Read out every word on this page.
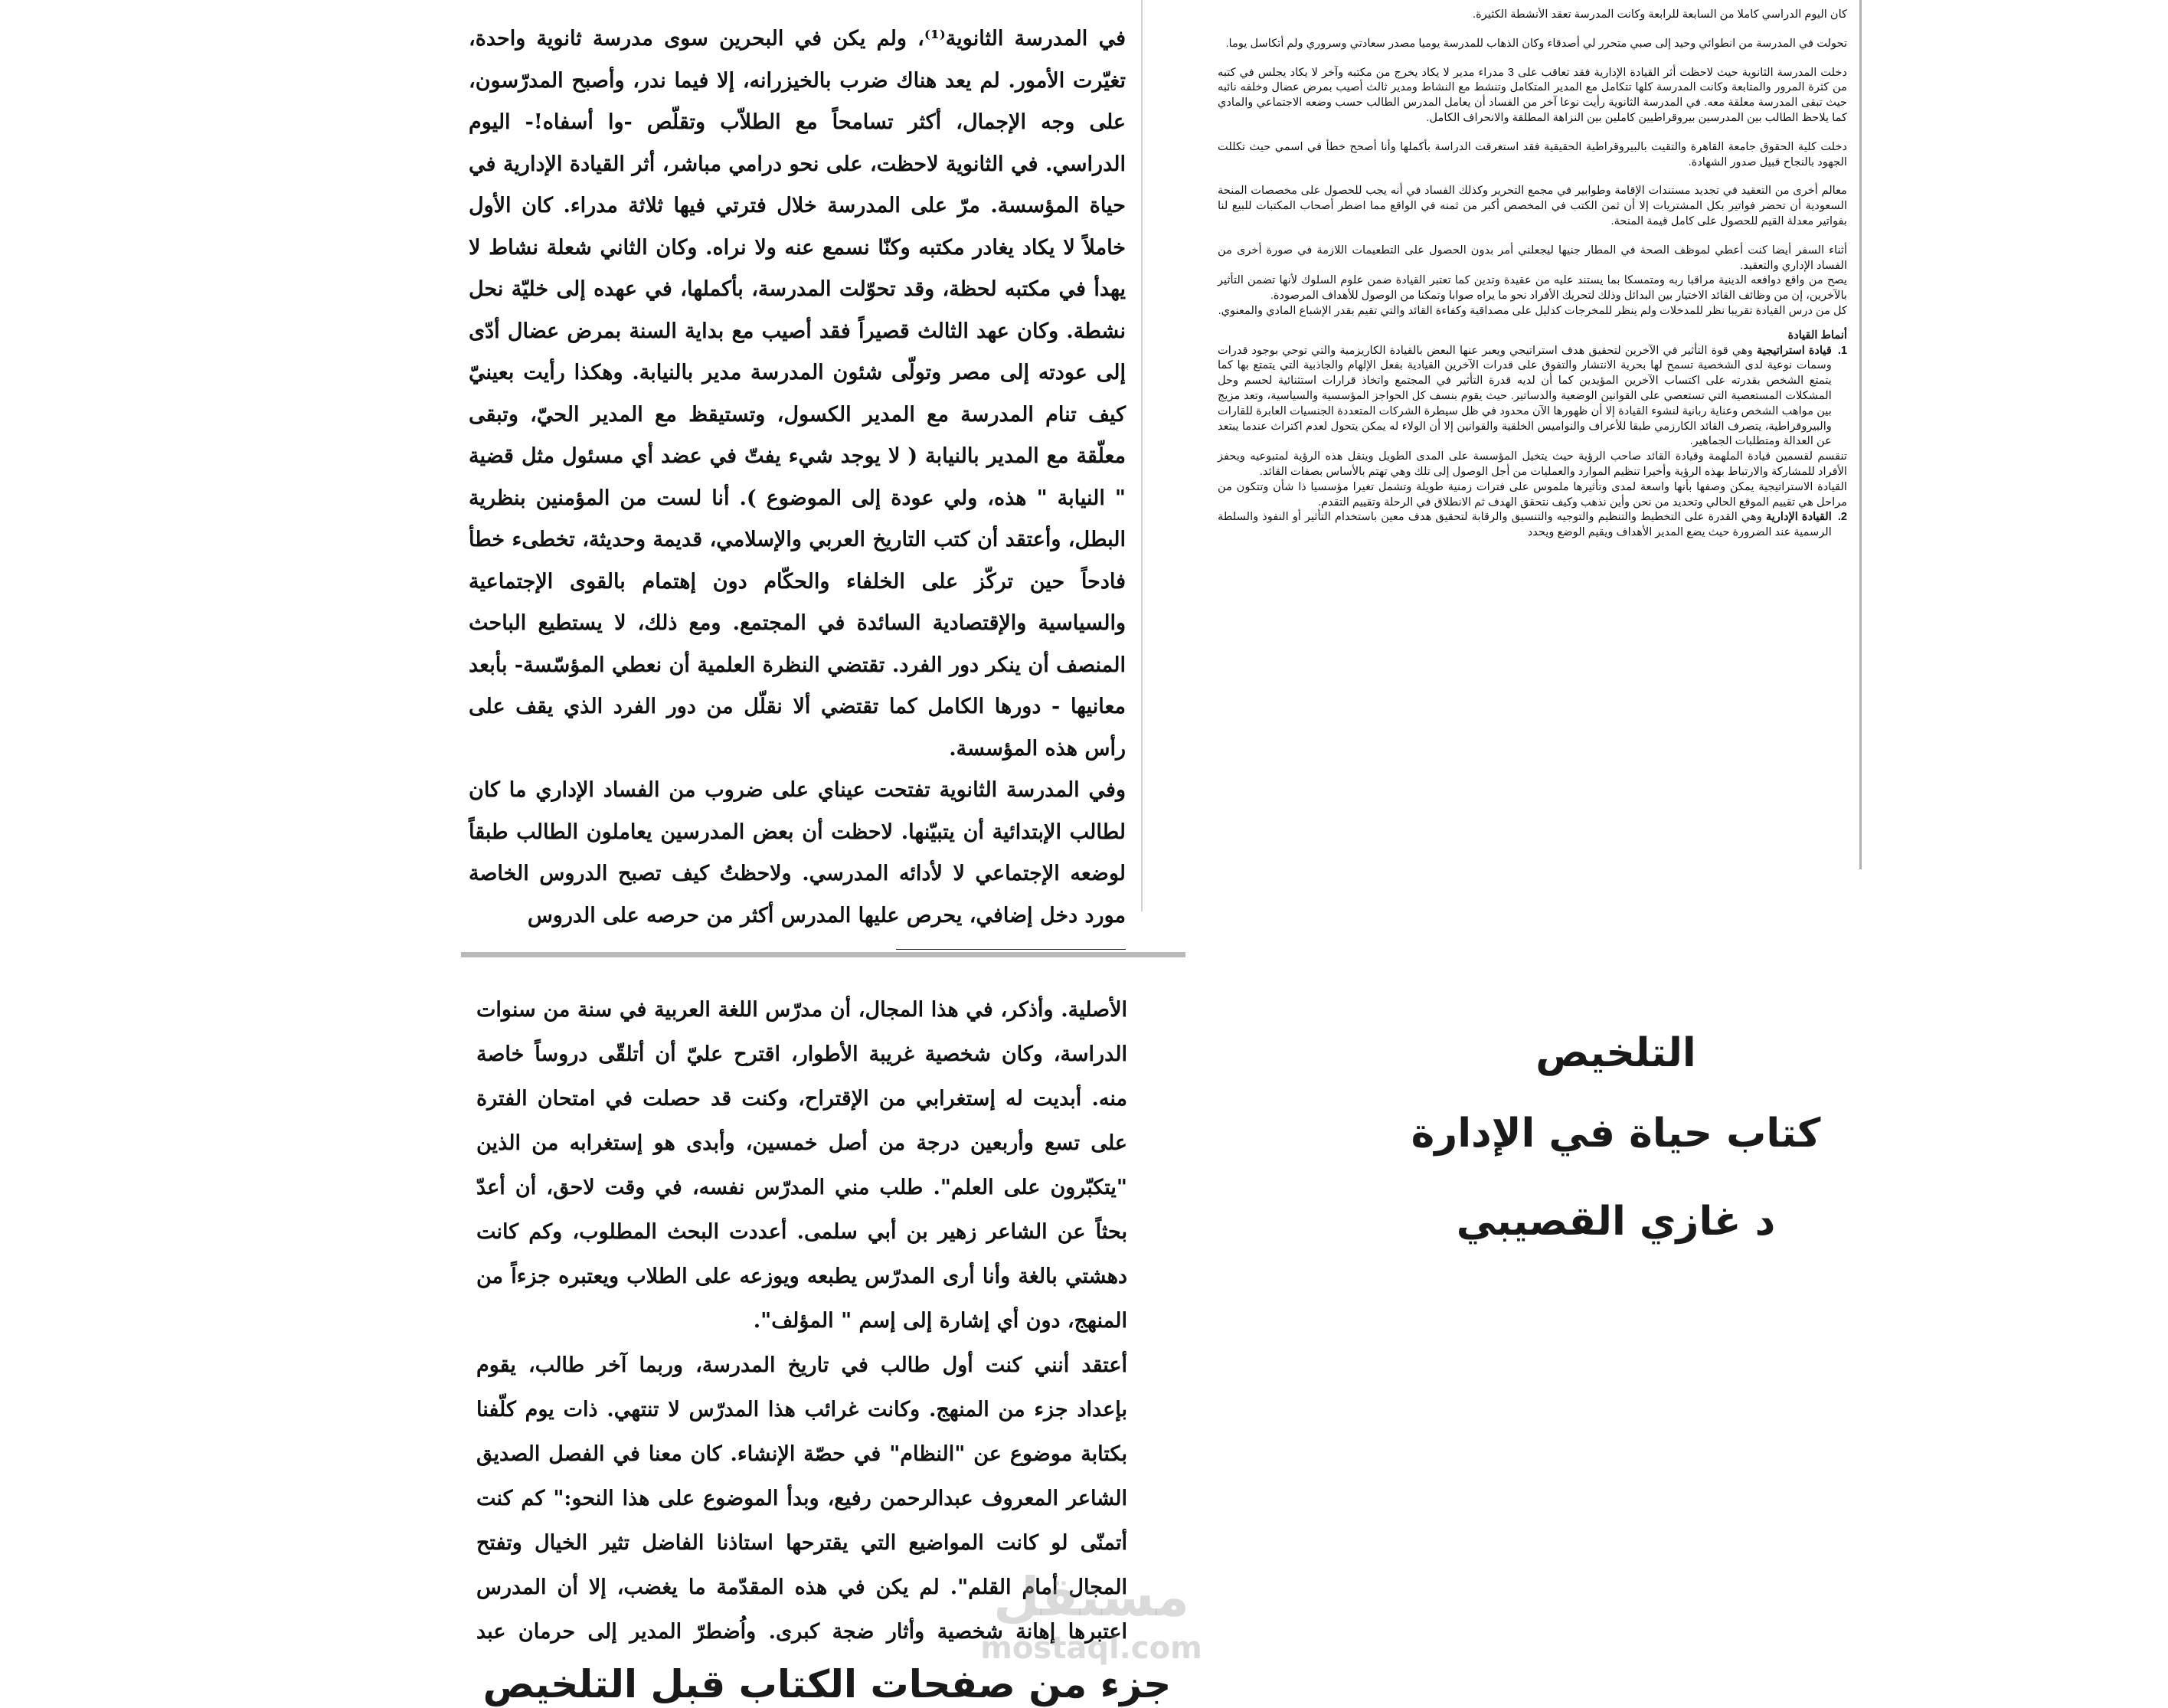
في المدرسة الثانوية⁽¹⁾، ولم يكن في البحرين سوى مدرسة ثانوية واحدة، تغيّرت الأمور. لم يعد هناك ضرب بالخيزرانه، إلا فيما ندر، وأصبح المدرّسون، على وجه الإجمال، أكثر تسامحاً مع الطلاّب وتقلّص -وا أسفاه!- اليوم الدراسي. في الثانوية لاحظت، على نحو درامي مباشر، أثر القيادة الإدارية في حياة المؤسسة. مرّ على المدرسة خلال فترتي فيها ثلاثة مدراء. كان الأول خاملاً لا يكاد يغادر مكتبه وكنّا نسمع عنه ولا نراه. وكان الثاني شعلة نشاط لا يهدأ في مكتبه لحظة، وقد تحوّلت المدرسة، بأكملها، في عهده إلى خليّة نحل نشطة. وكان عهد الثالث قصيراً فقد أصيب مع بداية السنة بمرض عضال أدّى إلى عودته إلى مصر وتولّى شئون المدرسة مدير بالنيابة. وهكذا رأيت بعينيّ كيف تنام المدرسة مع المدير الكسول، وتستيقظ مع المدير الحيّ، وتبقى معلّقة مع المدير بالنيابة ( لا يوجد شيء يفتّ في عضد أي مسئول مثل قضية " النيابة " هذه، ولي عودة إلى الموضوع ). أنا لست من المؤمنين بنظرية البطل، وأعتقد أن كتب التاريخ العربي والإسلامي، قديمة وحديثة، تخطىء خطأ فادحاً حين تركّز على الخلفاء والحكّام دون إهتمام بالقوى الإجتماعية والسياسية والإقتصادية السائدة في المجتمع. ومع ذلك، لا يستطيع الباحث المنصف أن ينكر دور الفرد. تقتضي النظرة العلمية أن نعطي المؤسّسة- بأبعد معانيها - دورها الكامل كما تقتضي ألا نقلّل من دور الفرد الذي يقف على رأس هذه المؤسسة.

وفي المدرسة الثانوية تفتحت عيناي على ضروب من الفساد الإداري ما كان لطالب الإبتدائية أن يتبيّنها. لاحظت أن بعض المدرسين يعاملون الطالب طبقاً لوضعه الإجتماعي لا لأدائه المدرسي. ولاحظتُ كيف تصبح الدروس الخاصة مورد دخل إضافي، يحرص عليها المدرس أكثر من حرصه على الدروس

الأصلية. وأذكر، في هذا المجال، أن مدرّس اللغة العربية في سنة من سنوات الدراسة، وكان شخصية غريبة الأطوار، اقترح عليّ أن أتلقّى دروساً خاصة منه. أبديت له إستغرابي من الإقتراح، وكنت قد حصلت في امتحان الفترة على تسع وأربعين درجة من أصل خمسين، وأبدى هو إستغرابه من الذين "يتكبّرون على العلم". طلب مني المدرّس نفسه، في وقت لاحق، أن أعدّ بحثاً عن الشاعر زهير بن أبي سلمى. أعددت البحث المطلوب، وكم كانت دهشتي بالغة وأنا أرى المدرّس يطبعه ويوزعه على الطلاب ويعتبره جزءاً من المنهج، دون أي إشارة إلى إسم " المؤلف".

أعتقد أنني كنت أول طالب في تاريخ المدرسة، وربما آخر طالب، يقوم بإعداد جزء من المنهج. وكانت غرائب هذا المدرّس لا تنتهي. ذات يوم كلّفنا بكتابة موضوع عن "النظام" في حصّة الإنشاء. كان معنا في الفصل الصديق الشاعر المعروف عبدالرحمن رفيع، وبدأ الموضوع على هذا النحو:" كم كنت أتمنّى لو كانت المواضيع التي يقترحها استاذنا الفاضل تثير الخيال وتفتح المجال أمام القلم". لم يكن في هذه المقدّمة ما يغضب، إلا أن المدرس اعتبرها إهانة شخصية وأثار ضجة كبرى. واُضطرّ المدير إلى حرمان عبد

كان اليوم الدراسي كاملا من السابعة للرابعة وكانت المدرسة تعقد الأنشطة الكثيرة.

تحولت في المدرسة من انطوائي وحيد إلى صبي متحرر لي أصدقاء وكان الذهاب للمدرسة يوميا مصدر سعادتي وسروري ولم أتكاسل يوما.

دخلت المدرسة الثانوية حيث لاحظت أثر القيادة الإدارية فقد تعاقب على 3 مدراء مدير لا يكاد يخرج من مكتبه وآخر لا يكاد يجلس في كتبه من كثرة المرور والمتابعة وكانت المدرسة كلها تتكامل مع المدير المتكامل وتنشط مع النشاط ومدير ثالث أصيب بمرض عضال وخلفه نائبه حيث تبقى المدرسة معلقة معه. في المدرسة الثانوية رأيت نوعا آخر من الفساد أن يعامل المدرس الطالب حسب وضعه الاجتماعي والمادي كما يلاحظ الطالب بين المدرسين بيروقراطيين كاملين بين النزاهة المطلقة والانحراف الكامل.

دخلت كلية الحقوق جامعة القاهرة والتقيت بالبيروقراطية الحقيقية فقد استغرقت الدراسة بأكملها وأنا أصحح خطأ في اسمي حيث تكللت الجهود بالنجاح قبيل صدور الشهادة.

معالم أخرى من التعقيد في تجديد مستندات الإقامة وطوابير في مجمع التحرير وكذلك الفساد في أنه يجب للحصول على مخصصات المنحة السعودية أن تحضر فواتير بكل المشتريات إلا أن ثمن الكتب في المخصص أكبر من ثمنه في الواقع مما اضطر أصحاب المكتبات للبيع لنا بفواتير معدلة القيم للحصول على كامل قيمة المنحة.

أثناء السفر أيضا كنت أعطي لموظف الصحة في المطار جنيها ليجعلني أمر بدون الحصول على التطعيمات اللازمة في صورة أخرى من الفساد الإداري والتعقيد.

يصح من واقع دوافعه الدينية مراقبا ربه ومتمسكا بما يستند عليه من عقيدة وتدين كما تعتبر القيادة ضمن علوم السلوك لأنها تضمن التأثير بالآخرين، إن من وظائف القائد الاختيار بين البدائل وذلك لتحريك الأفراد نحو ما يراه صوابا وتمكنا من الوصول للأهداف المرصودة.

كل من درس القيادة تقريبا نظر للمدخلات ولم ينظر للمخرجات كدليل على مصداقية وكفاءة القائد والتي تقيم بقدر الإشباع المادي والمعنوي.

أنماط القيادة

1.
قيادة استراتيجية وهي قوة التأثير في الآخرين لتحقيق هدف استراتيجي ويعبر عنها البعض بالقيادة الكاريزمية والتي توحي بوجود قدرات وسمات نوعية لدى الشخصية تسمح لها بحرية الانتشار والتفوق على قدرات الآخرين القيادية بفعل الإلهام والجاذبية التي يتمتع بها كما يتمتع الشخص بقدرته على اكتساب الآخرين المؤيدين كما أن لديه قدرة التأثير في المجتمع واتخاذ قرارات استثنائية لحسم وحل المشكلات المستعصية التي تستعصي على القوانين الوضعية والدساتير. حيث يقوم بنسف كل الحواجز المؤسسية والسياسية، وتعد مزيج بين مواهب الشخص وعناية ربانية لنشوء القيادة إلا أن ظهورها الآن محدود في ظل سيطرة الشركات المتعددة الجنسيات العابرة للقارات والبيروقراطية، يتصرف القائد الكارزمي طبقا للأعراف والنواميس الخلقية والقوانين إلا أن الولاء له يمكن يتحول لعدم اكتراث عندما يبتعد عن العدالة ومتطلبات الجماهير.

تنقسم لقسمين قيادة الملهمة وقيادة القائد صاحب الرؤية حيث يتخيل المؤسسة على المدى الطويل وينقل هذه الرؤية لمتبوعيه ويحفز الأفراد للمشاركة والارتباط بهذه الرؤية وأخيرا تنظيم الموارد والعمليات من أجل الوصول إلى تلك وهي تهتم بالأساس بصفات القائد.

القيادة الاستراتيجية يمكن وصفها بأنها واسعة لمدى وتأثيرها ملموس على فترات زمنية طويلة وتشمل تغيرا مؤسسيا ذا شأن وتتكون من مراحل هي تقييم الموقع الحالي وتحديد من نحن وأين نذهب وكيف نتحقق الهدف ثم الانطلاق في الرحلة وتقييم التقدم.

2.
القيادة الإدارية وهي القدرة على التخطيط والتنظيم والتوجيه والتنسيق والرقابة لتحقيق هدف معين باستخدام التأثير أو النفوذ والسلطة الرسمية عند الضرورة حيث يضع المدير الأهداف ويقيم الوضع ويحدد
التلخيص
كتاب حياة في الإدارة
د غازي القصيبي
جزء من صفحات الكتاب قبل التلخيص
مستقل
mostaql.com
